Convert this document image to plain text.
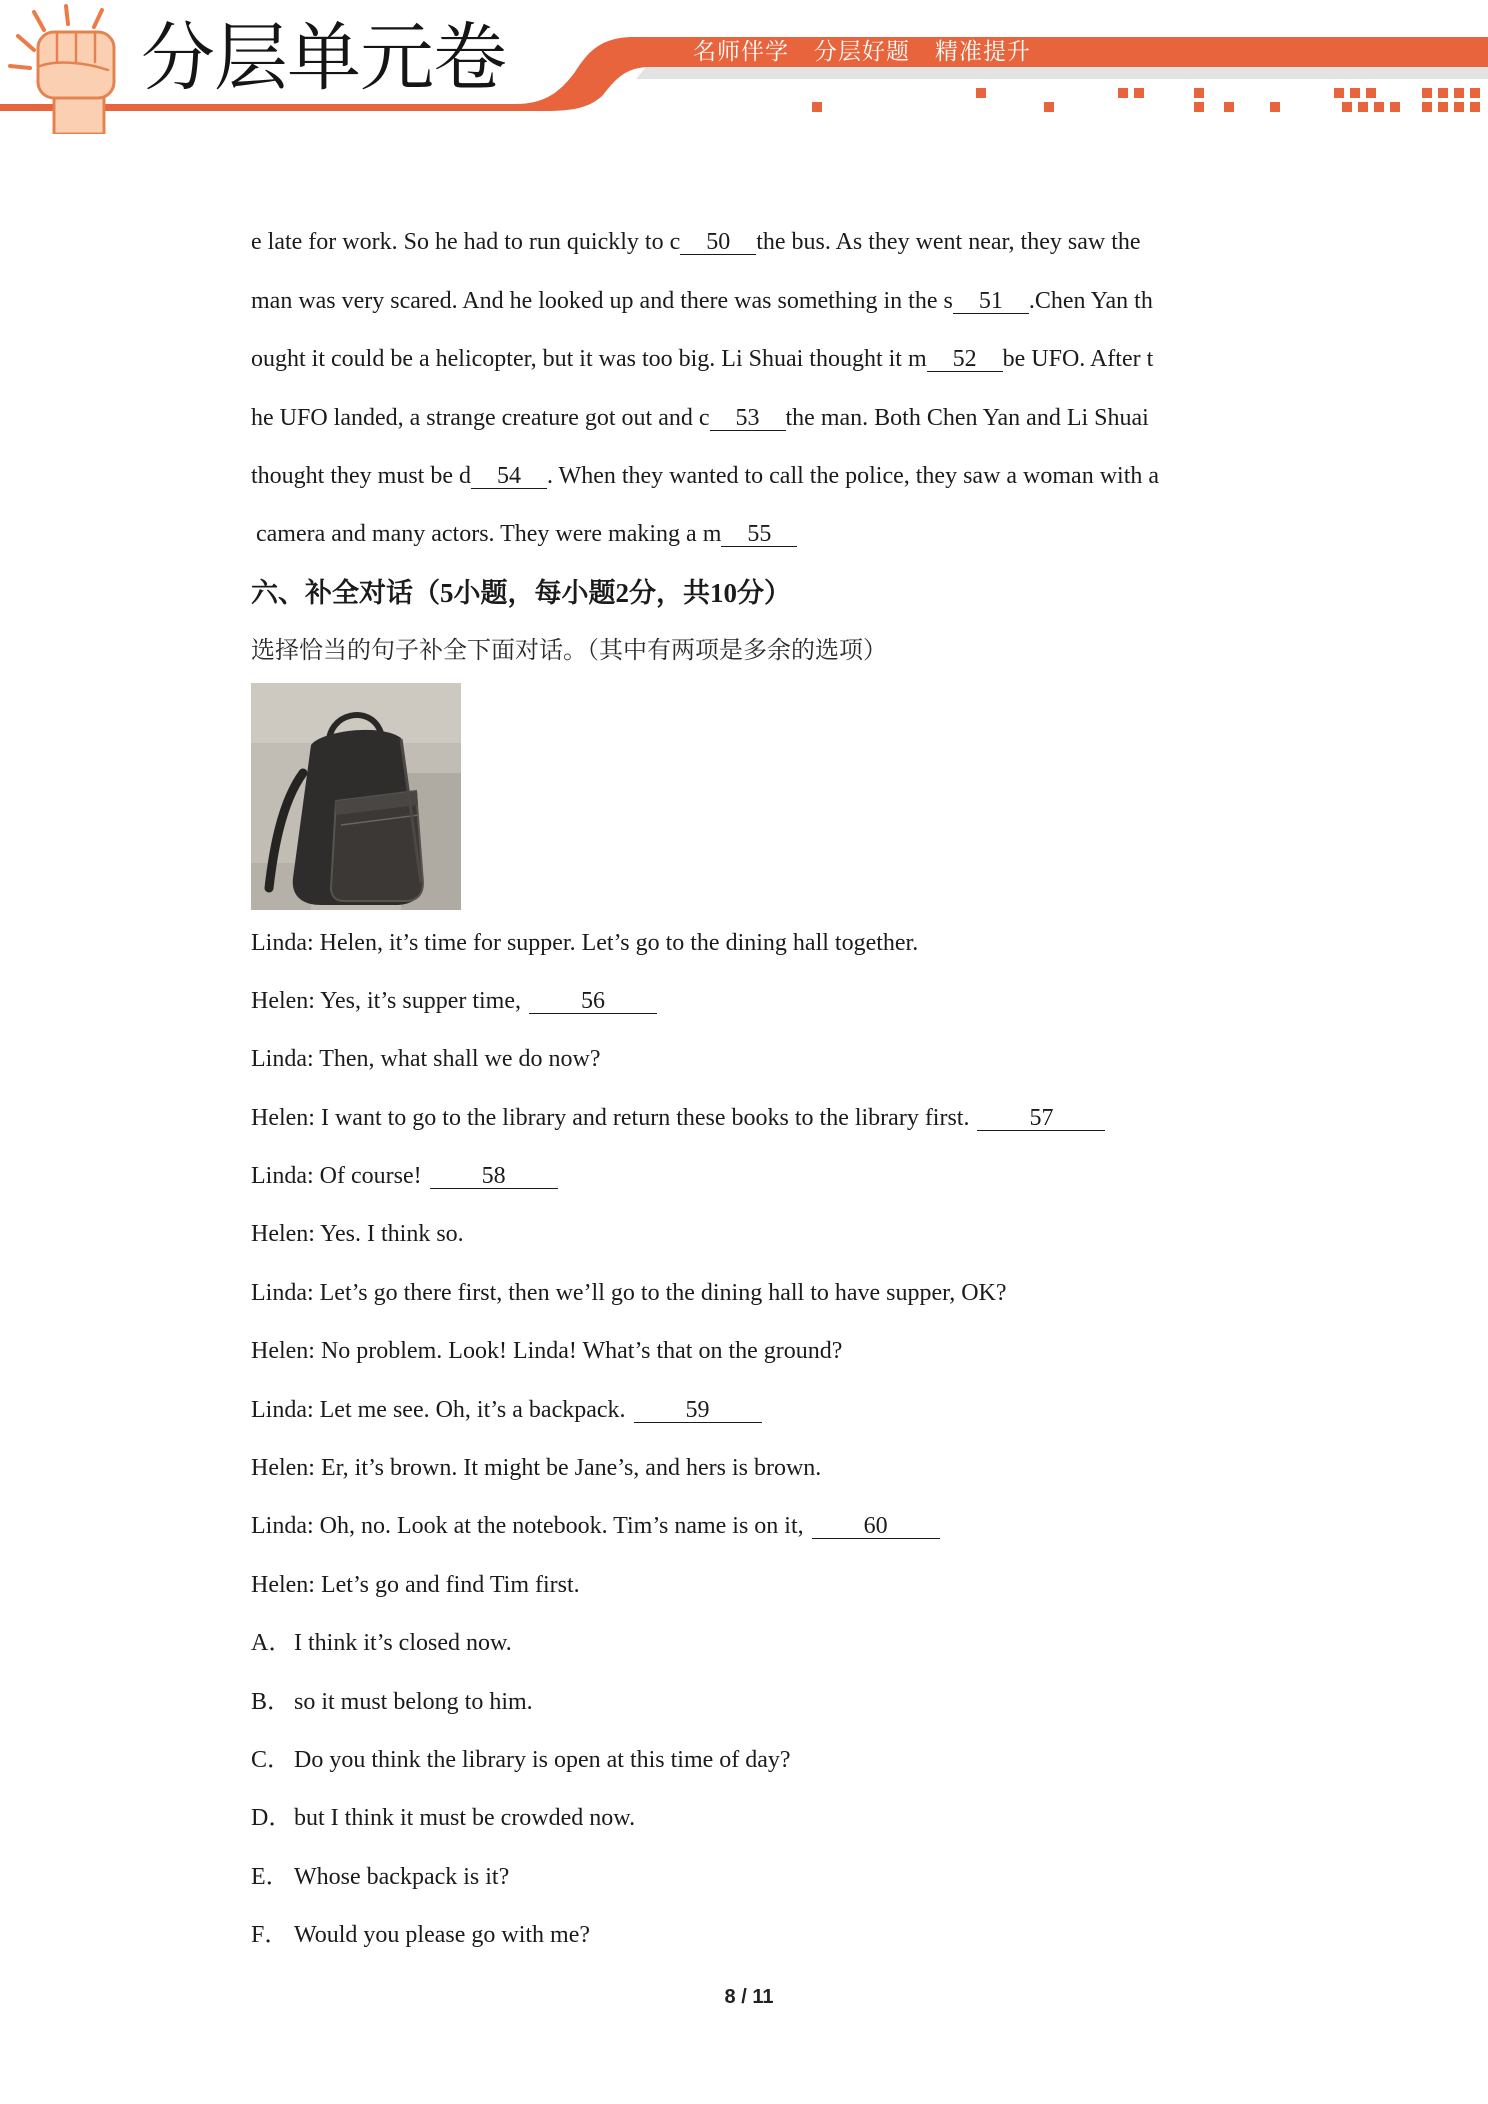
分层单元卷	名师伴学 分层好题 精准提升
e late for work. So he had to run quickly to c 50 the bus. As they went near, they saw the
man was very scared. And he looked up and there was something in the s 51 .Chen Yan th
ought it could be a helicopter, but it was too big. Li Shuai thought it m 52 be UFO. After t
he UFO landed, a strange creature got out and c 53 the man. Both Chen Yan and Li Shuai
thought they must be d 54 . When they wanted to call the police, they saw a woman with a
camera and many actors. They were making a m 55
六、补全对话（5小题，每小题2分，共10分）
选择恰当的句子补全下面对话。（其中有两项是多余的选项）
Linda: Helen, it’s time for supper. Let’s go to the dining hall together.
Helen: Yes, it’s supper time,	56
Linda: Then, what shall we do now?
Helen: I want to go to the library and return these books to the library first.	57
Linda: Of course!	58
Helen: Yes. I think so.
Linda: Let’s go there first, then we’ll go to the dining hall to have supper, OK?
Helen: No problem. Look! Linda! What’s that on the ground?
Linda: Let me see. Oh, it’s a backpack.	59
Helen: Er, it’s brown. It might be Jane’s, and hers is brown.
Linda: Oh, no. Look at the notebook. Tim’s name is on it,	60
Helen: Let’s go and find Tim first.
A．I think it’s closed now.
B． so it must belong to him.
C． Do you think the library is open at this time of day?
D．but I think it must be crowded now.
E． Whose backpack is it?
F． Would you please go with me?
8 / 11
